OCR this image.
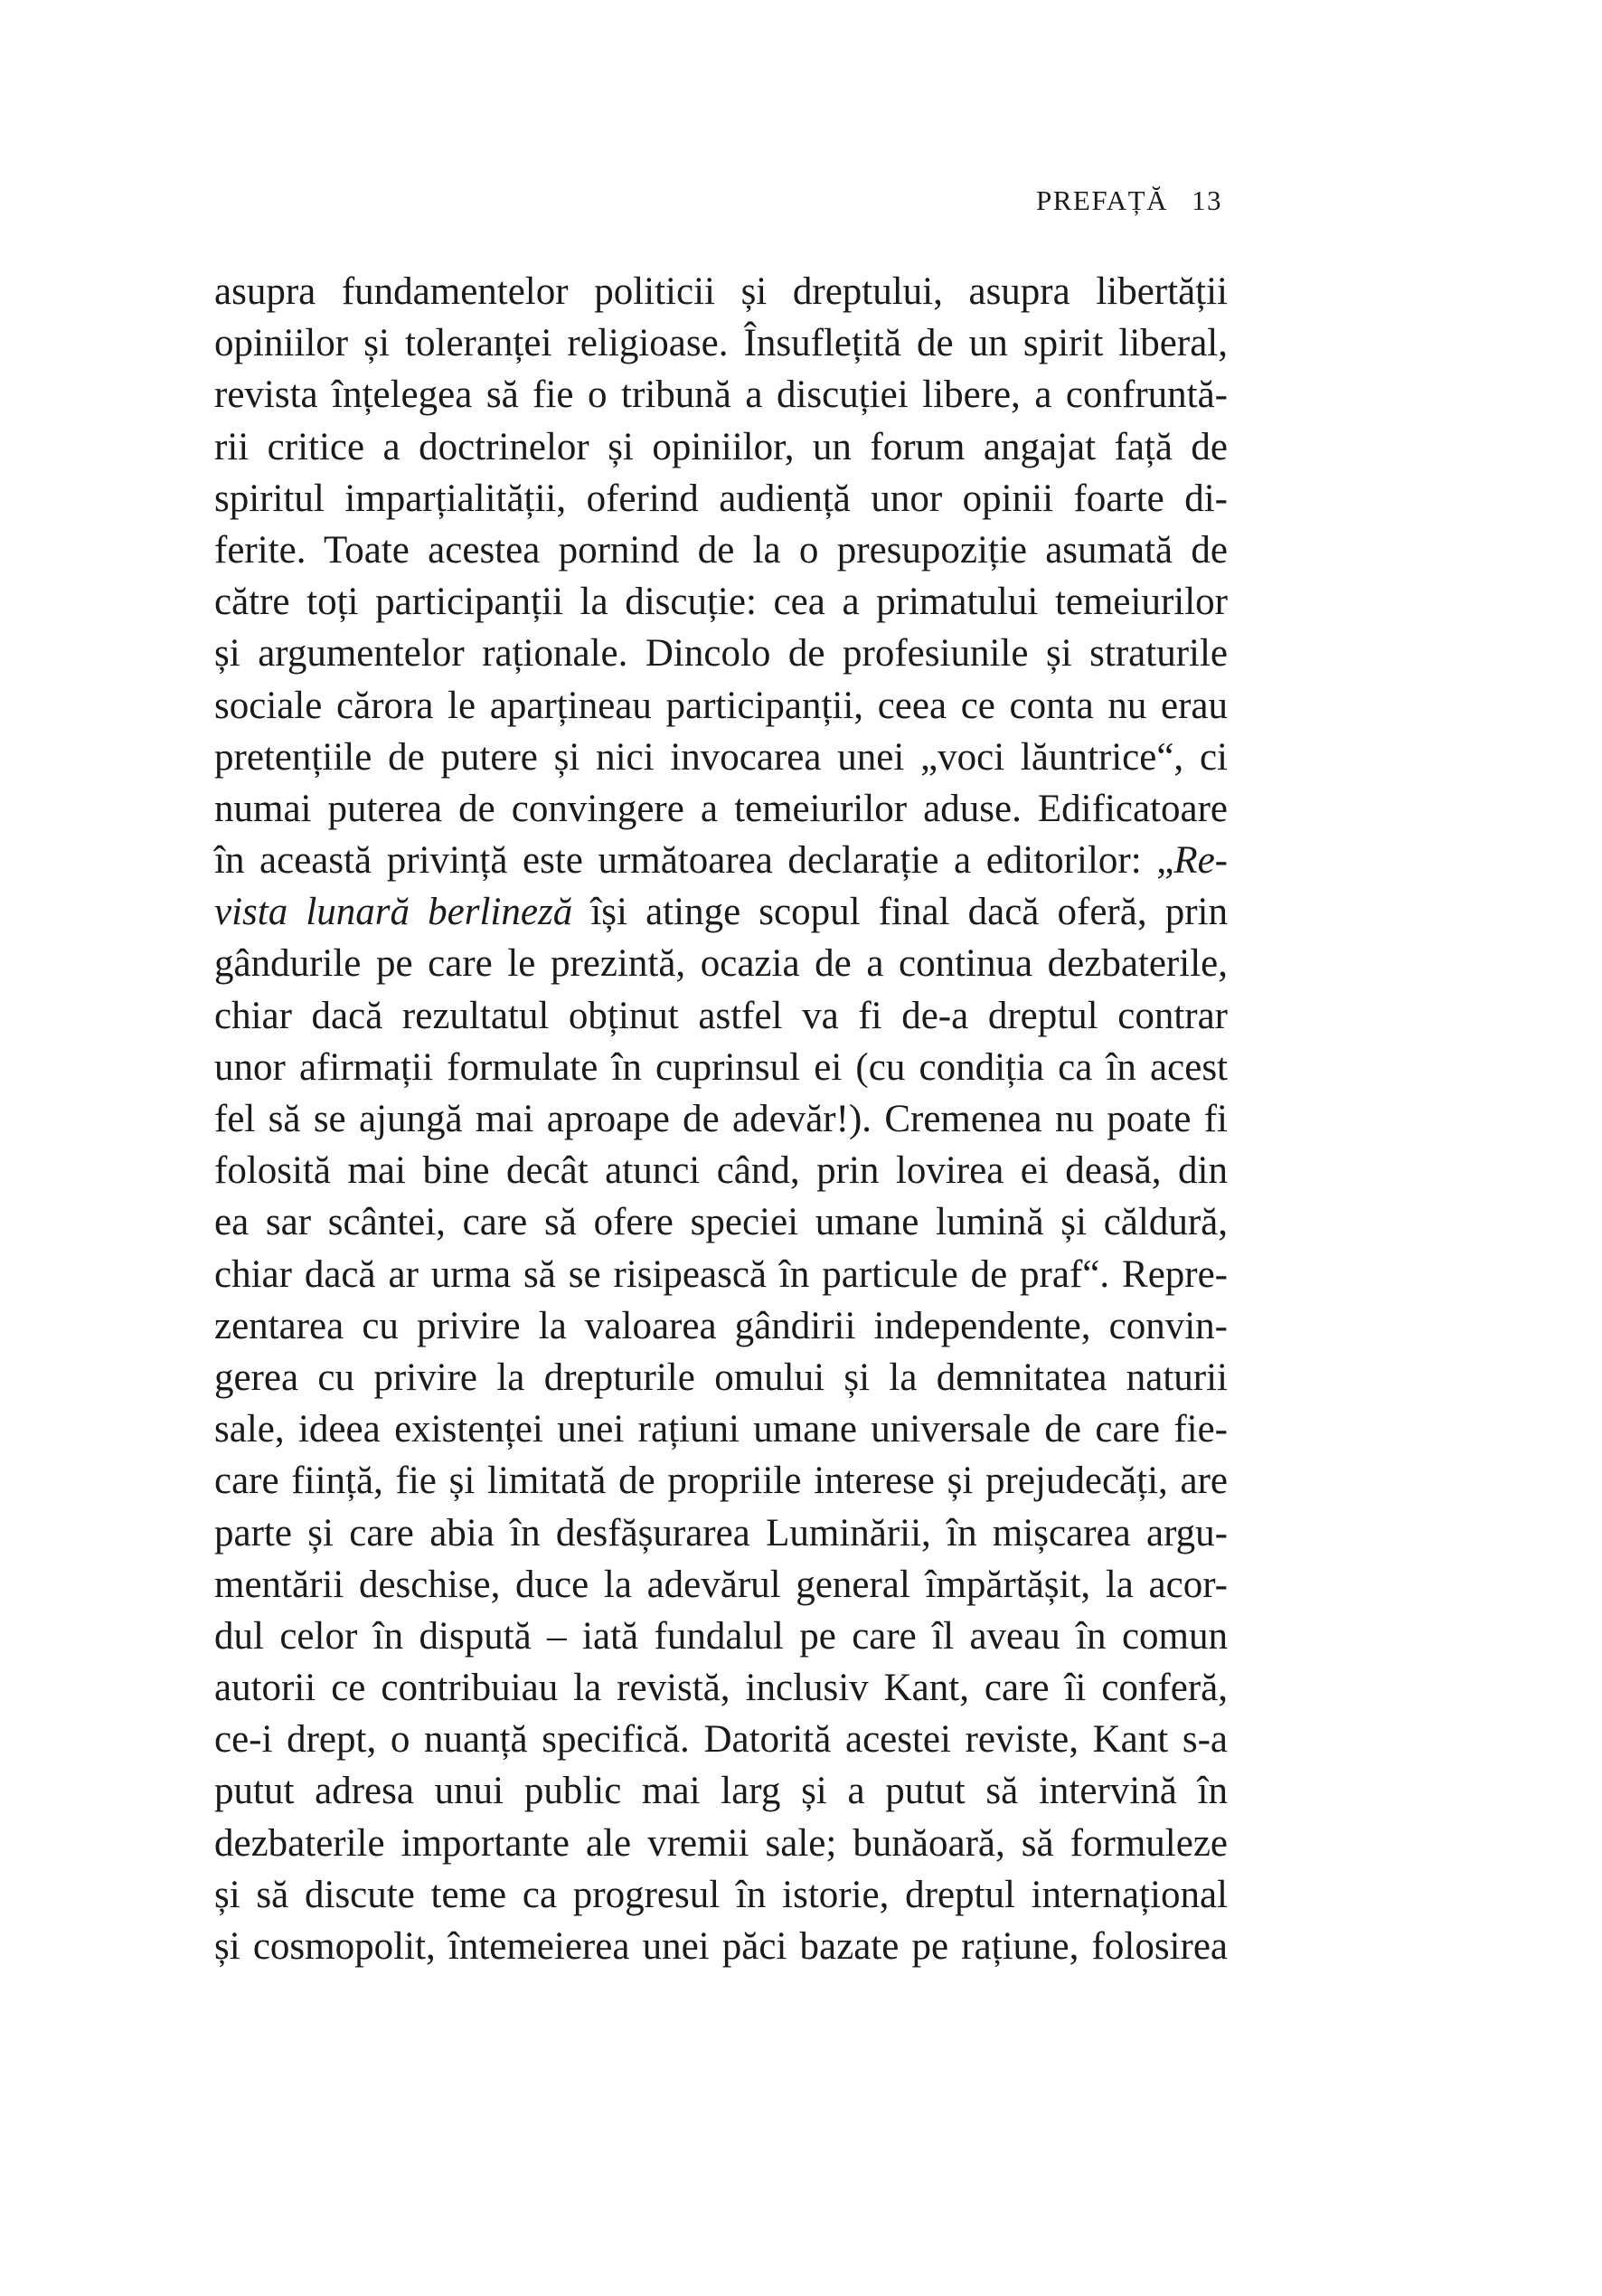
PREFAȚĂ 13
asupra fundamentelor politicii și dreptului, asupra libertății
opiniilor și toleranței religioase. Însuflețită de un spirit liberal,
revista înțelegea să fie o tribună a discuției libere, a confruntă-
rii critice a doctrinelor și opiniilor, un forum angajat față de
spiritul imparțialității, oferind audiență unor opinii foarte di-
ferite. Toate acestea pornind de la o presupoziție asumată de
către toți participanții la discuție: cea a primatului temeiurilor
și argumentelor raționale. Dincolo de profesiunile și straturile
sociale cărora le aparțineau participanții, ceea ce conta nu erau
pretențiile de putere și nici invocarea unei „voci lăuntrice“, ci
numai puterea de convingere a temeiurilor aduse. Edificatoare
în această privință este următoarea declarație a editorilor: „Re-
vista lunară berlineză își atinge scopul final dacă oferă, prin
gândurile pe care le prezintă, ocazia de a continua dezbaterile,
chiar dacă rezultatul obținut astfel va fi de-a dreptul contrar
unor afirmații formulate în cuprinsul ei (cu condiția ca în acest
fel să se ajungă mai aproape de adevăr!). Cremenea nu poate fi
folosită mai bine decât atunci când, prin lovirea ei deasă, din
ea sar scântei, care să ofere speciei umane lumină și căldură,
chiar dacă ar urma să se risipească în particule de praf“. Repre-
zentarea cu privire la valoarea gândirii independente, convin-
gerea cu privire la drepturile omului și la demnitatea naturii
sale, ideea existenței unei rațiuni umane universale de care fie-
care ființă, fie și limitată de propriile interese și prejudecăți, are
parte și care abia în desfășurarea Luminării, în mișcarea argu-
mentării deschise, duce la adevărul general împărtășit, la acor-
dul celor în dispută – iată fundalul pe care îl aveau în comun
autorii ce contribuiau la revistă, inclusiv Kant, care îi conferă,
ce-i drept, o nuanță specifică. Datorită acestei reviste, Kant s-a
putut adresa unui public mai larg și a putut să intervină în
dezbaterile importante ale vremii sale; bunăoară, să formuleze
și să discute teme ca progresul în istorie, dreptul internațional
și cosmopolit, întemeierea unei păci bazate pe rațiune, folosirea
